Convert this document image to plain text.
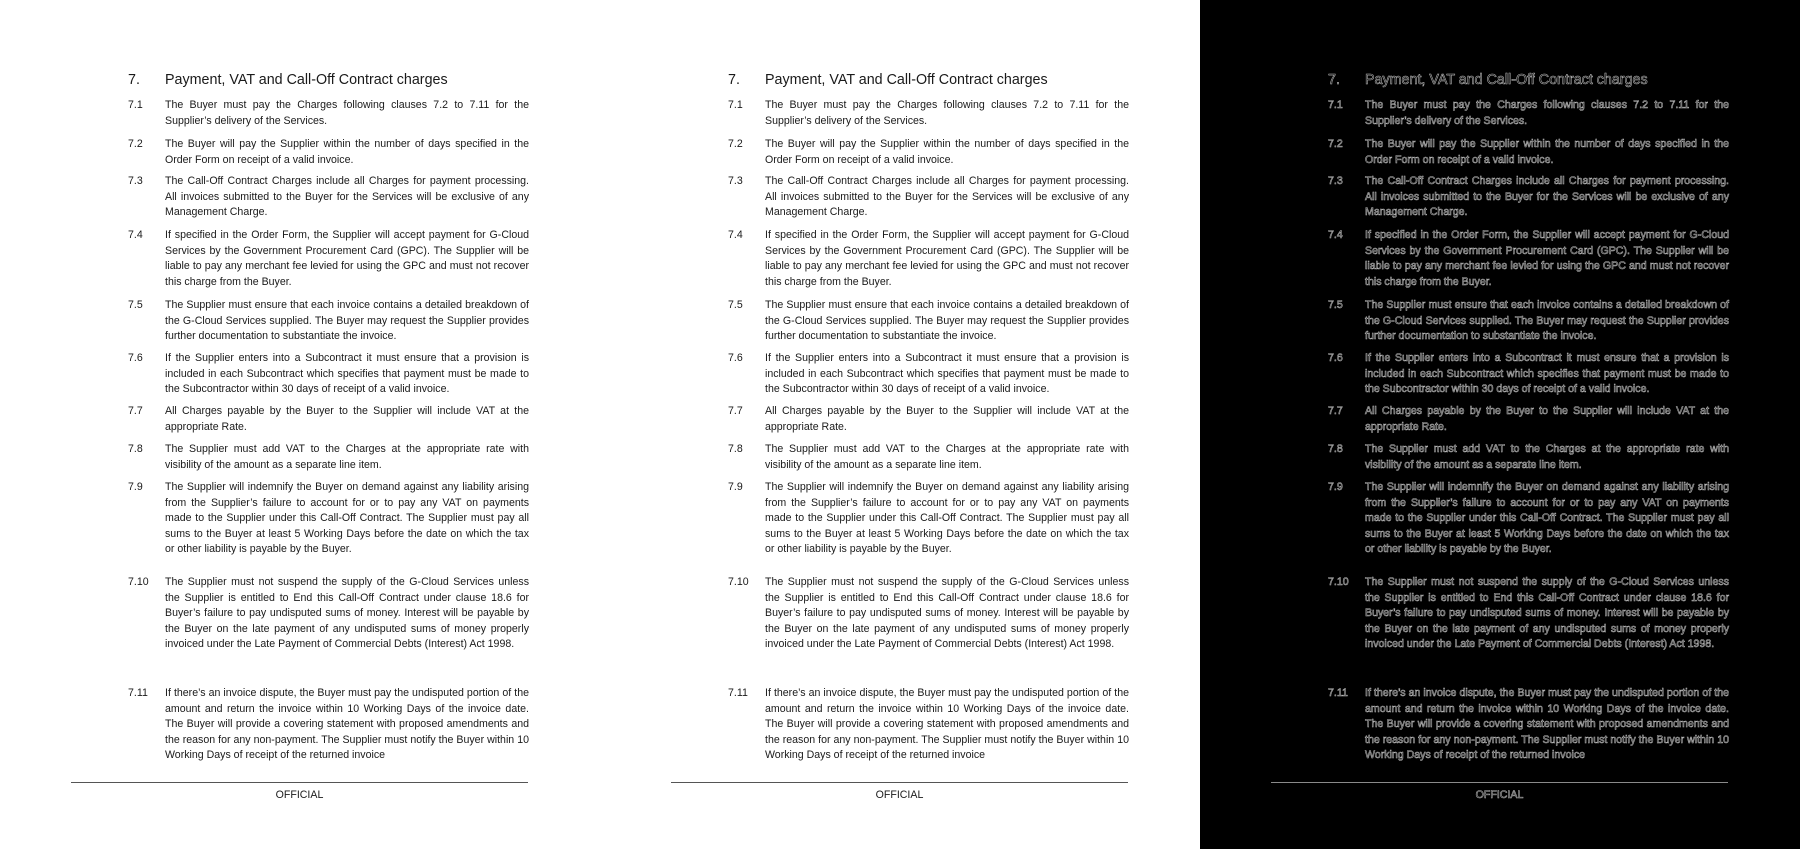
7. Payment, VAT and Call-Off Contract charges
7.1 The Buyer must pay the Charges following clauses 7.2 to 7.11 for the Supplier’s delivery of the Services.
7.2 The Buyer will pay the Supplier within the number of days specified in the Order Form on receipt of a valid invoice.
7.3 The Call-Off Contract Charges include all Charges for payment processing. All invoices submitted to the Buyer for the Services will be exclusive of any Management Charge.
7.4 If specified in the Order Form, the Supplier will accept payment for G-Cloud Services by the Government Procurement Card (GPC). The Supplier will be liable to pay any merchant fee levied for using the GPC and must not recover this charge from the Buyer.
7.5 The Supplier must ensure that each invoice contains a detailed breakdown of the G-Cloud Services supplied. The Buyer may request the Supplier provides further documentation to substantiate the invoice.
7.6 If the Supplier enters into a Subcontract it must ensure that a provision is included in each Subcontract which specifies that payment must be made to the Subcontractor within 30 days of receipt of a valid invoice.
7.7 All Charges payable by the Buyer to the Supplier will include VAT at the appropriate Rate.
7.8 The Supplier must add VAT to the Charges at the appropriate rate with visibility of the amount as a separate line item.
7.9 The Supplier will indemnify the Buyer on demand against any liability arising from the Supplier’s failure to account for or to pay any VAT on payments made to the Supplier under this Call-Off Contract. The Supplier must pay all sums to the Buyer at least 5 Working Days before the date on which the tax or other liability is payable by the Buyer.
7.10 The Supplier must not suspend the supply of the G-Cloud Services unless the Supplier is entitled to End this Call-Off Contract under clause 18.6 for Buyer’s failure to pay undisputed sums of money. Interest will be payable by the Buyer on the late payment of any undisputed sums of money properly invoiced under the Late Payment of Commercial Debts (Interest) Act 1998.
7.11 If there’s an invoice dispute, the Buyer must pay the undisputed portion of the amount and return the invoice within 10 Working Days of the invoice date. The Buyer will provide a covering statement with proposed amendments and the reason for any non-payment. The Supplier must notify the Buyer within 10 Working Days of receipt of the returned invoice
OFFICIAL
7. Payment, VAT and Call-Off Contract charges
7.1 The Buyer must pay the Charges following clauses 7.2 to 7.11 for the Supplier’s delivery of the Services.
7.2 The Buyer will pay the Supplier within the number of days specified in the Order Form on receipt of a valid invoice.
7.3 The Call-Off Contract Charges include all Charges for payment processing. All invoices submitted to the Buyer for the Services will be exclusive of any Management Charge.
7.4 If specified in the Order Form, the Supplier will accept payment for G-Cloud Services by the Government Procurement Card (GPC). The Supplier will be liable to pay any merchant fee levied for using the GPC and must not recover this charge from the Buyer.
7.5 The Supplier must ensure that each invoice contains a detailed breakdown of the G-Cloud Services supplied. The Buyer may request the Supplier provides further documentation to substantiate the invoice.
7.6 If the Supplier enters into a Subcontract it must ensure that a provision is included in each Subcontract which specifies that payment must be made to the Subcontractor within 30 days of receipt of a valid invoice.
7.7 All Charges payable by the Buyer to the Supplier will include VAT at the appropriate Rate.
7.8 The Supplier must add VAT to the Charges at the appropriate rate with visibility of the amount as a separate line item.
7.9 The Supplier will indemnify the Buyer on demand against any liability arising from the Supplier’s failure to account for or to pay any VAT on payments made to the Supplier under this Call-Off Contract. The Supplier must pay all sums to the Buyer at least 5 Working Days before the date on which the tax or other liability is payable by the Buyer.
7.10 The Supplier must not suspend the supply of the G-Cloud Services unless the Supplier is entitled to End this Call-Off Contract under clause 18.6 for Buyer’s failure to pay undisputed sums of money. Interest will be payable by the Buyer on the late payment of any undisputed sums of money properly invoiced under the Late Payment of Commercial Debts (Interest) Act 1998.
7.11 If there’s an invoice dispute, the Buyer must pay the undisputed portion of the amount and return the invoice within 10 Working Days of the invoice date. The Buyer will provide a covering statement with proposed amendments and the reason for any non-payment. The Supplier must notify the Buyer within 10 Working Days of receipt of the returned invoice
OFFICIAL
7. Payment, VAT and Call-Off Contract charges
7.1 The Buyer must pay the Charges following clauses 7.2 to 7.11 for the Supplier’s delivery of the Services.
7.2 The Buyer will pay the Supplier within the number of days specified in the Order Form on receipt of a valid invoice.
7.3 The Call-Off Contract Charges include all Charges for payment processing. All invoices submitted to the Buyer for the Services will be exclusive of any Management Charge.
7.4 If specified in the Order Form, the Supplier will accept payment for G-Cloud Services by the Government Procurement Card (GPC). The Supplier will be liable to pay any merchant fee levied for using the GPC and must not recover this charge from the Buyer.
7.5 The Supplier must ensure that each invoice contains a detailed breakdown of the G-Cloud Services supplied. The Buyer may request the Supplier provides further documentation to substantiate the invoice.
7.6 If the Supplier enters into a Subcontract it must ensure that a provision is included in each Subcontract which specifies that payment must be made to the Subcontractor within 30 days of receipt of a valid invoice.
7.7 All Charges payable by the Buyer to the Supplier will include VAT at the appropriate Rate.
7.8 The Supplier must add VAT to the Charges at the appropriate rate with visibility of the amount as a separate line item.
7.9 The Supplier will indemnify the Buyer on demand against any liability arising from the Supplier’s failure to account for or to pay any VAT on payments made to the Supplier under this Call-Off Contract. The Supplier must pay all sums to the Buyer at least 5 Working Days before the date on which the tax or other liability is payable by the Buyer.
7.10 The Supplier must not suspend the supply of the G-Cloud Services unless the Supplier is entitled to End this Call-Off Contract under clause 18.6 for Buyer’s failure to pay undisputed sums of money. Interest will be payable by the Buyer on the late payment of any undisputed sums of money properly invoiced under the Late Payment of Commercial Debts (Interest) Act 1998.
7.11 If there’s an invoice dispute, the Buyer must pay the undisputed portion of the amount and return the invoice within 10 Working Days of the invoice date. The Buyer will provide a covering statement with proposed amendments and the reason for any non-payment. The Supplier must notify the Buyer within 10 Working Days of receipt of the returned invoice
OFFICIAL
